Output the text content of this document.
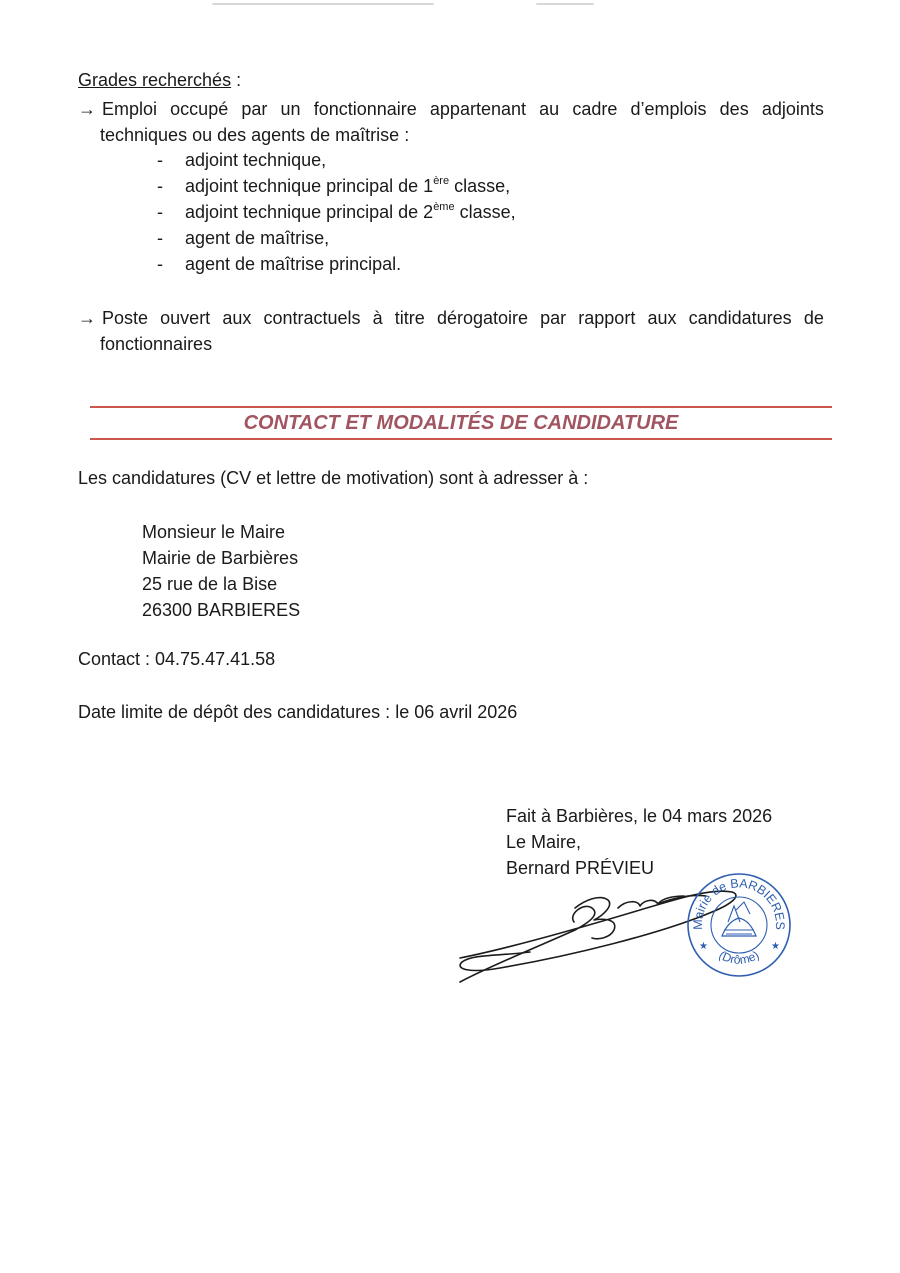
Grades recherchés :
→ Emploi occupé par un fonctionnaire appartenant au cadre d’emplois des adjoints
techniques ou des agents de maîtrise :
- adjoint technique,
- adjoint technique principal de 1ère classe,
- adjoint technique principal de 2ème classe,
- agent de maîtrise,
- agent de maîtrise principal.
→ Poste ouvert aux contractuels à titre dérogatoire par rapport aux candidatures de
fonctionnaires
CONTACT ET MODALITÉS DE CANDIDATURE
Les candidatures (CV et lettre de motivation) sont à adresser à :
Monsieur le Maire
Mairie de Barbières
25 rue de la Bise
26300 BARBIERES
Contact : 04.75.47.41.58
Date limite de dépôt des candidatures : le 06 avril 2026
Fait à Barbières, le 04 mars 2026
Le Maire,
Bernard PRÉVIEU
Mairie de BARBIERES
(Drôme)
★	★
